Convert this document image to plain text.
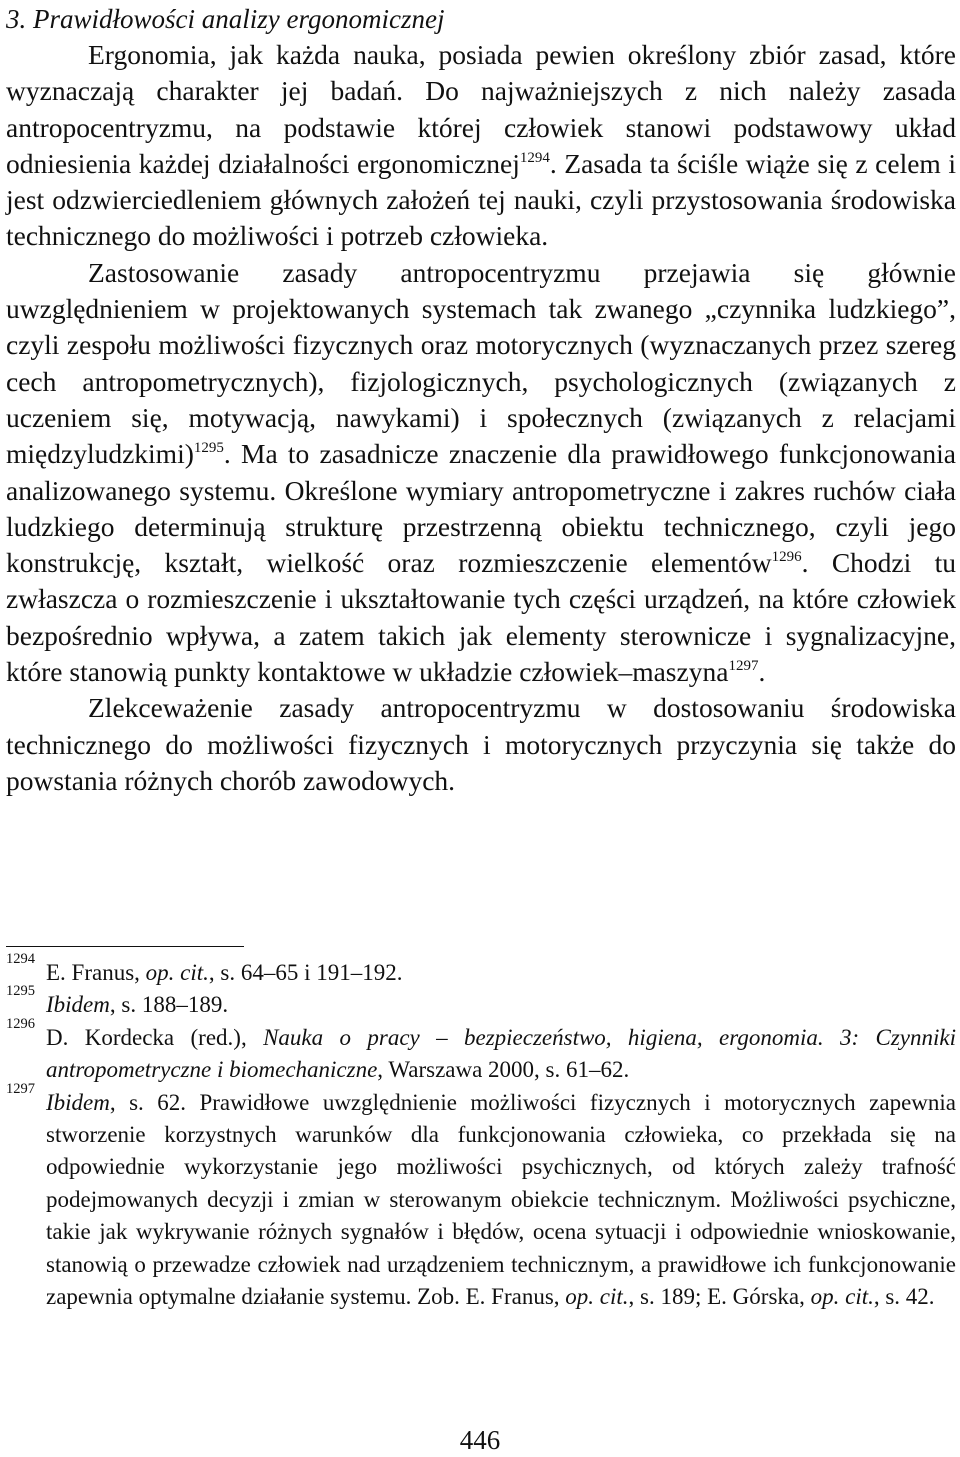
3. Prawidłowości analizy ergonomicznej

Ergonomia, jak każda nauka, posiada pewien określony zbiór zasad, które wyznaczają charakter jej badań. Do najważniejszych z nich należy zasada antropocentryzmu, na podstawie której człowiek stanowi podstawowy układ odniesienia każdej działalności ergonomicznej$^{1294}$. Zasada ta ściśle wiąże się z celem i jest odzwierciedleniem głównych założeń tej nauki, czyli przystosowania środowiska technicznego do możliwości i potrzeb człowieka.

Zastosowanie zasady antropocentryzmu przejawia się głównie uwzględnieniem w projektowanych systemach tak zwanego „czynnika ludzkiego”, czyli zespołu możliwości fizycznych oraz motorycznych (wyznaczanych przez szereg cech antropometrycznych), fizjologicznych, psychologicznych (związanych z uczeniem się, motywacją, nawykami) i społecznych (związanych z relacjami międzyludzkimi)$^{1295}$. Ma to zasadnicze znaczenie dla prawidłowego funkcjonowania analizowanego systemu. Określone wymiary antropometryczne i zakres ruchów ciała ludzkiego determinują strukturę przestrzenną obiektu technicznego, czyli jego konstrukcję, kształt, wielkość oraz rozmieszczenie elementów$^{1296}$. Chodzi tu zwłaszcza o rozmieszczenie i ukształtowanie tych części urządzeń, na które człowiek bezpośrednio wpływa, a zatem takich jak elementy sterownicze i sygnalizacyjne, które stanowią punkty kontaktowe w układzie człowiek–maszyna$^{1297}$.

Zlekceważenie zasady antropocentryzmu w dostosowaniu środowiska technicznego do możliwości fizycznych i motorycznych przyczynia się także do powstania różnych chorób zawodowych.

1294
E. Franus, op. cit., s. 64–65 i 191–192.

1295
Ibidem, s. 188–189.

1296
D. Kordecka (red.), Nauka o pracy – bezpieczeństwo, higiena, ergonomia. 3: Czynniki antropometryczne i biomechaniczne, Warszawa 2000, s. 61–62.

1297
Ibidem, s. 62. Prawidłowe uwzględnienie możliwości fizycznych i motorycznych zapewnia stworzenie korzystnych warunków dla funkcjonowania człowieka, co przekłada się na odpowiednie wykorzystanie jego możliwości psychicznych, od których zależy trafność podejmowanych decyzji i zmian w sterowanym obiekcie technicznym. Możliwości psychiczne, takie jak wykrywanie różnych sygnałów i błędów, ocena sytuacji i odpowiednie wnioskowanie, stanowią o przewadze człowiek nad urządzeniem technicznym, a prawidłowe ich funkcjonowanie zapewnia optymalne działanie systemu. Zob. E. Franus, op. cit., s. 189; E. Górska, op. cit., s. 42.

446
